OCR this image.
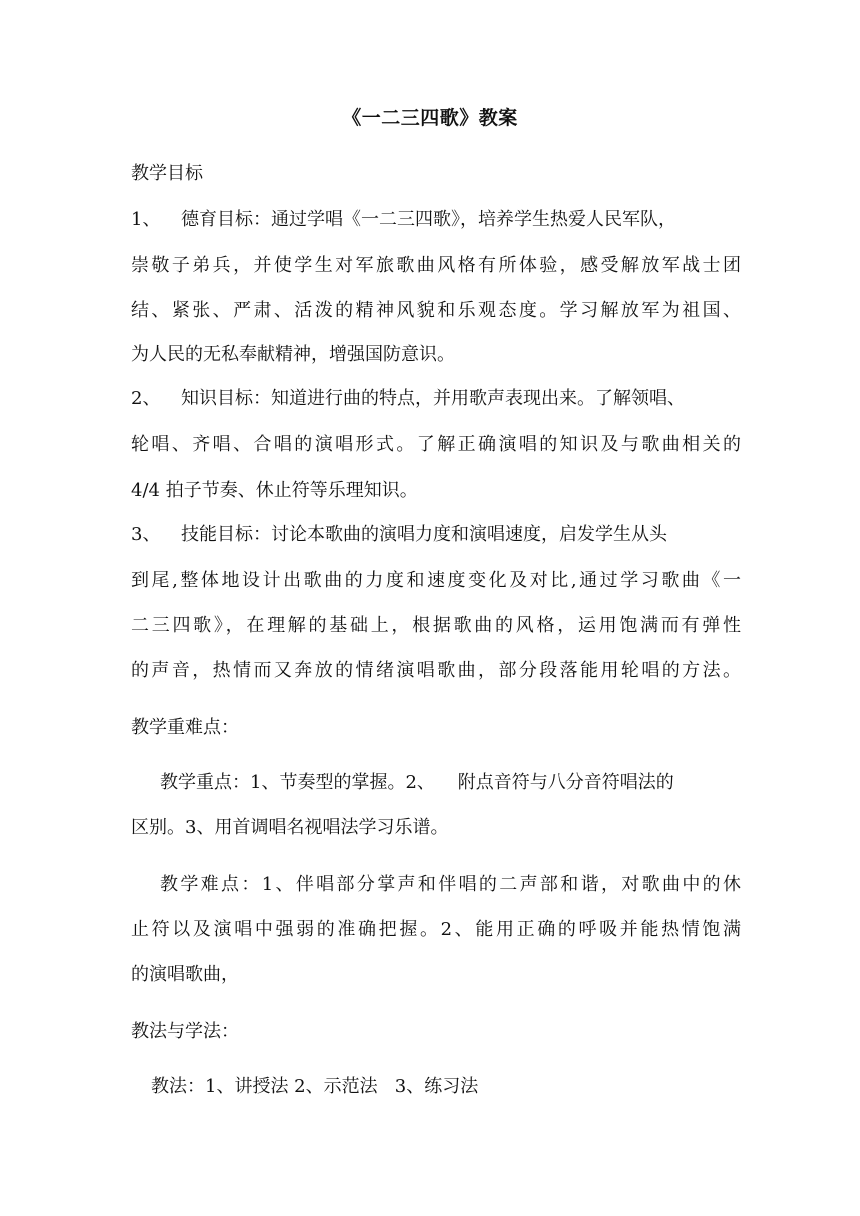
《一二三四歌》教案
教学目标
1、 德育目标：通过学唱《一二三四歌》，培养学生热爱人民军队，
崇敬子弟兵，并使学生对军旅歌曲风格有所体验，感受解放军战士团
结、紧张、严肃、活泼的精神风貌和乐观态度。学习解放军为祖国、
为人民的无私奉献精神，增强国防意识。
2、 知识目标：知道进行曲的特点，并用歌声表现出来。了解领唱、
轮唱、齐唱、合唱的演唱形式。了解正确演唱的知识及与歌曲相关的
4/4 拍子节奏、休止符等乐理知识。
3、 技能目标：讨论本歌曲的演唱力度和演唱速度，启发学生从头
到尾,整体地设计出歌曲的力度和速度变化及对比,通过学习歌曲《一
二三四歌》，在理解的基础上，根据歌曲的风格，运用饱满而有弹性
的声音，热情而又奔放的情绪演唱歌曲，部分段落能用轮唱的方法。
教学重难点：
教学重点：1、节奏型的掌握。2、    附点音符与八分音符唱法的
区别。3、用首调唱名视唱法学习乐谱。
教学难点：1、伴唱部分掌声和伴唱的二声部和谐，对歌曲中的休
止符以及演唱中强弱的准确把握。2、能用正确的呼吸并能热情饱满
的演唱歌曲，
教法与学法：
教法：1、讲授法 2、示范法   3、练习法
